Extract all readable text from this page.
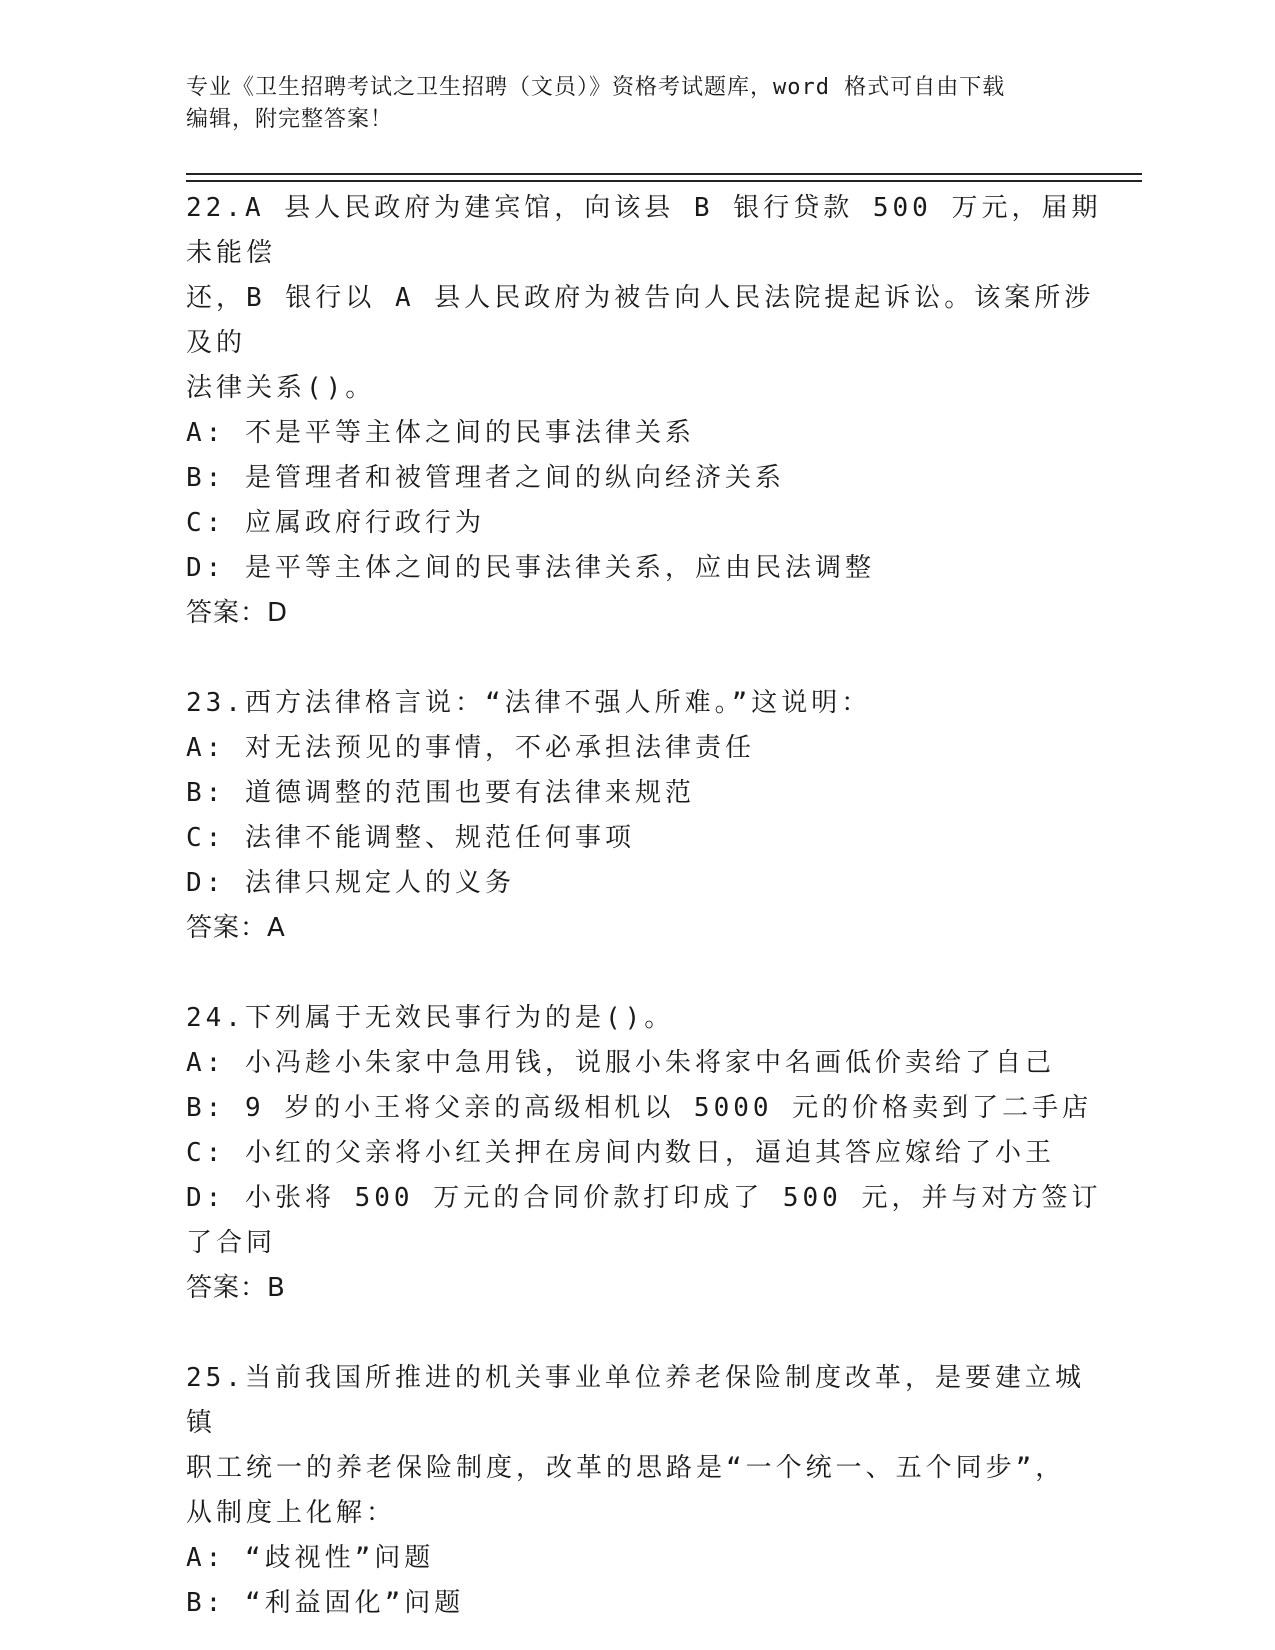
专业《卫生招聘考试之卫生招聘（文员）》资格考试题库，word 格式可自由下载
编辑，附完整答案！

22.A 县人民政府为建宾馆，向该县 B 银行贷款 500 万元，届期未能偿

还，B 银行以 A 县人民政府为被告向人民法院提起诉讼。该案所涉及的

法律关系()。

A: 不是平等主体之间的民事法律关系

B: 是管理者和被管理者之间的纵向经济关系

C: 应属政府行政行为

D: 是平等主体之间的民事法律关系，应由民法调整

答案：D

23.西方法律格言说：“法律不强人所难。”这说明：

A: 对无法预见的事情，不必承担法律责任

B: 道德调整的范围也要有法律来规范

C: 法律不能调整、规范任何事项

D: 法律只规定人的义务

答案：A

24.下列属于无效民事行为的是()。

A: 小冯趁小朱家中急用钱，说服小朱将家中名画低价卖给了自己

B: 9 岁的小王将父亲的高级相机以 5000 元的价格卖到了二手店

C: 小红的父亲将小红关押在房间内数日，逼迫其答应嫁给了小王

D: 小张将 500 万元的合同价款打印成了 500 元，并与对方签订了合同

答案：B

25.当前我国所推进的机关事业单位养老保险制度改革，是要建立城镇

职工统一的养老保险制度，改革的思路是“一个统一、五个同步”，

从制度上化解：

A: “歧视性”问题

B: “利益固化”问题
